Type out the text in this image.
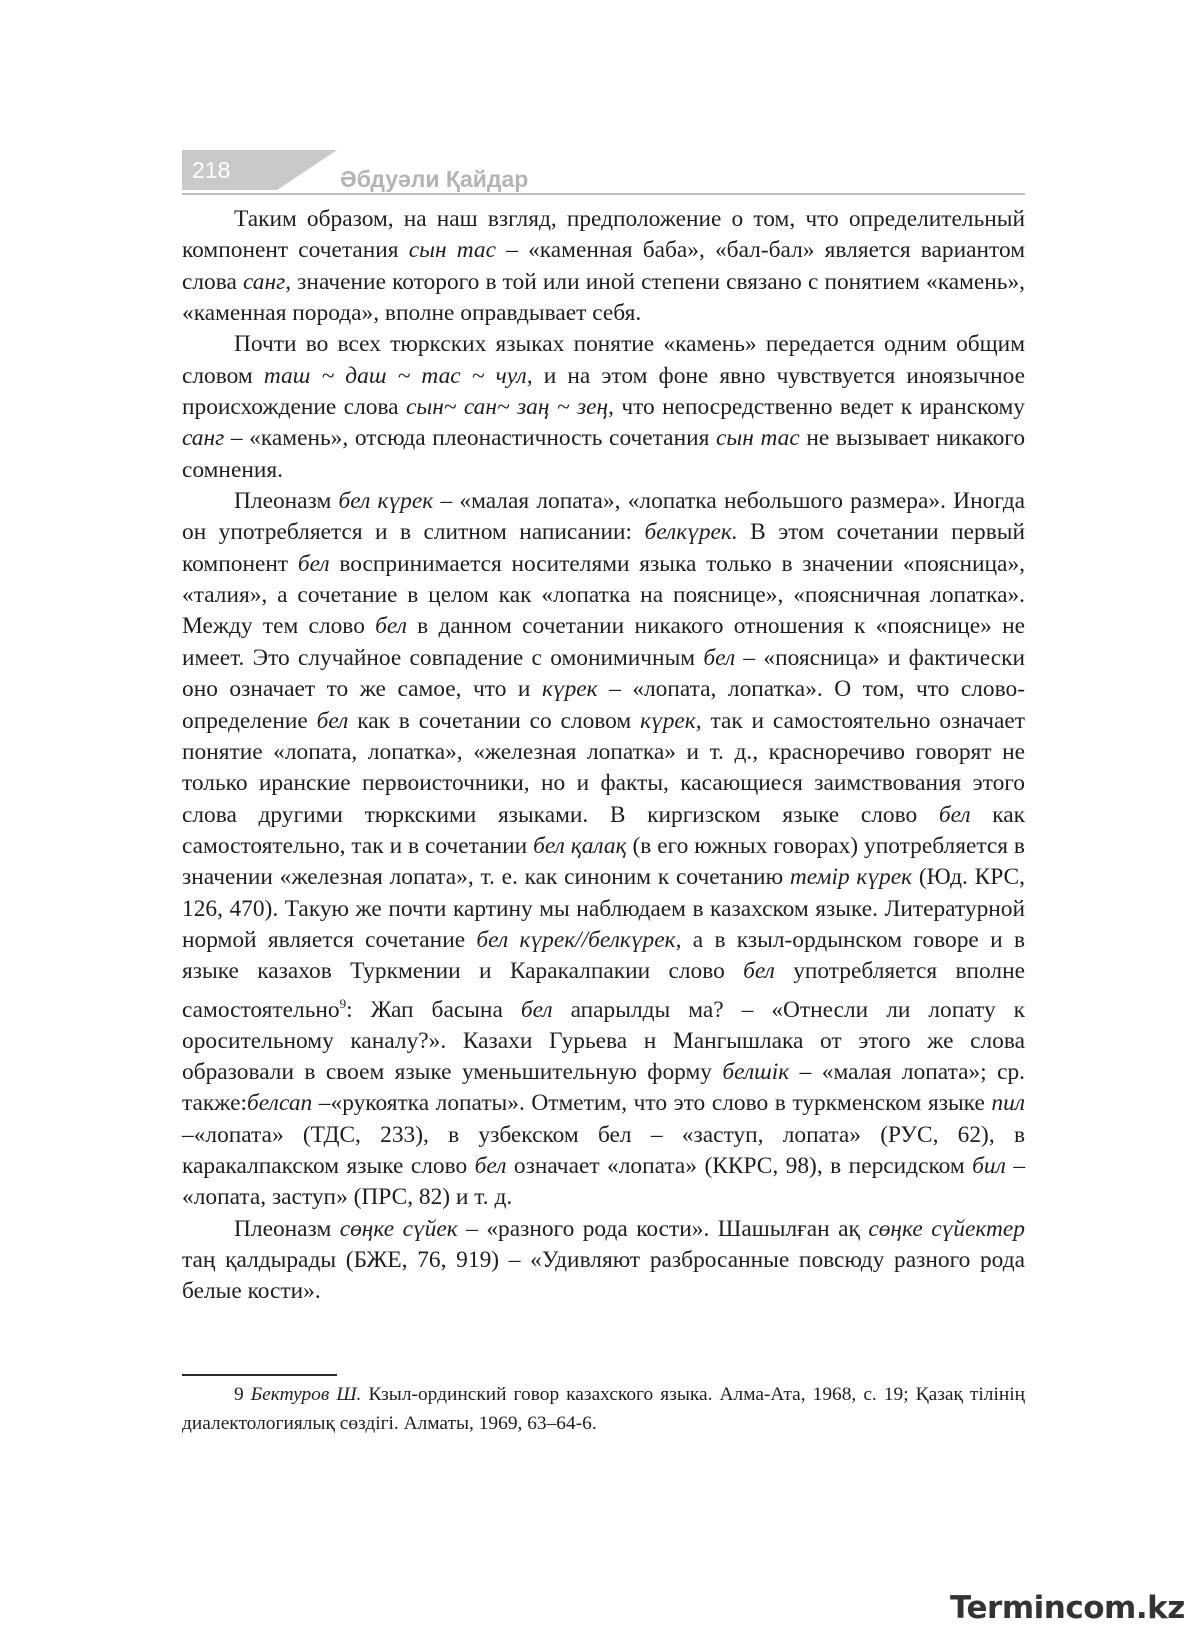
218	Әбдуәли Қайдар

Таким образом, на наш взгляд, предположение о том, что определительный компонент сочетания сын тас – «каменная баба», «бал-бал» является вариантом слова санг, значение которого в той или иной степени связано с понятием «камень», «каменная порода», вполне оправдывает себя.

Почти во всех тюркских языках понятие «камень» передается одним общим словом таш ~ даш ~ тас ~ чул, и на этом фоне явно чувствуется иноязычное происхождение слова сын~ сан~ заң ~ зең, что непосредственно ведет к иранскому санг – «камень», отсюда плеонастичность сочетания сын тас не вызывает никакого сомнения.

Плеоназм бел күрек – «малая лопата», «лопатка небольшого размера». Иногда он употребляется и в слитном написании: белкүрек. В этом сочетании первый компонент бел воспринимается носителями языка только в значении «поясница», «талия», а сочетание в целом как «лопатка на пояснице», «поясничная лопатка». Между тем слово бел в данном сочетании никакого отношения к «пояснице» не имеет. Это случайное совпадение с омонимичным бел – «поясница» и фактически оно означает то же самое, что и күрек – «лопата, лопатка». О том, что слово- определение бел как в сочетании со словом күрек, так и самостоятельно означает понятие «лопата, лопатка», «железная лопатка» и т. д., красноречиво говорят не только иранские первоисточники, но и факты, касающиеся заимствования этого слова другими тюркскими языками. В киргизском языке слово бел как самостоятельно, так и в сочетании бел қалақ (в его южных говорах) употребляется в значении «железная лопата», т. е. как синоним к сочетанию темір күрек (Юд. КРС, 126, 470). Такую же почти картину мы наблюдаем в казахском языке. Литературной нормой является сочетание бел күрек//белкүрек, а в кзыл-ордынском говоре и в языке казахов Туркмении и Каракалпакии слово бел употребляется вполне самостоятельно$^9$: Жап басына бел апарылды ма? – «Отнесли ли лопату к оросительному каналу?». Казахи Гурьева н Мангышлака от этого же слова образовали в своем языке уменьшительную форму белшік – «малая лопата»; ср. также:белсап –«рукоятка лопаты». Отметим, что это слово в туркменском языке пил –«лопата» (ТДС, 233), в узбекском бел – «заступ, лопата» (РУС, 62), в каракалпакском языке слово бел означает «лопата» (ККРС, 98), в персидском бил – «лопата, заступ» (ПРС, 82) и т. д.

Плеоназм сөңке сүйек – «разного рода кости». Шашылған ақ сөңке сүйектер таң қалдырады (БЖЕ, 76, 919) – «Удивляют разбросанные повсюду разного рода белые кости».

9 Бектуров Ш. Кзыл-ординский говор казахского языка. Алма-Ата, 1968, с. 19; Қазақ тілінің диалектологиялық сөздігі. Алматы, 1969, 63–64-6.

Termincom.kz
